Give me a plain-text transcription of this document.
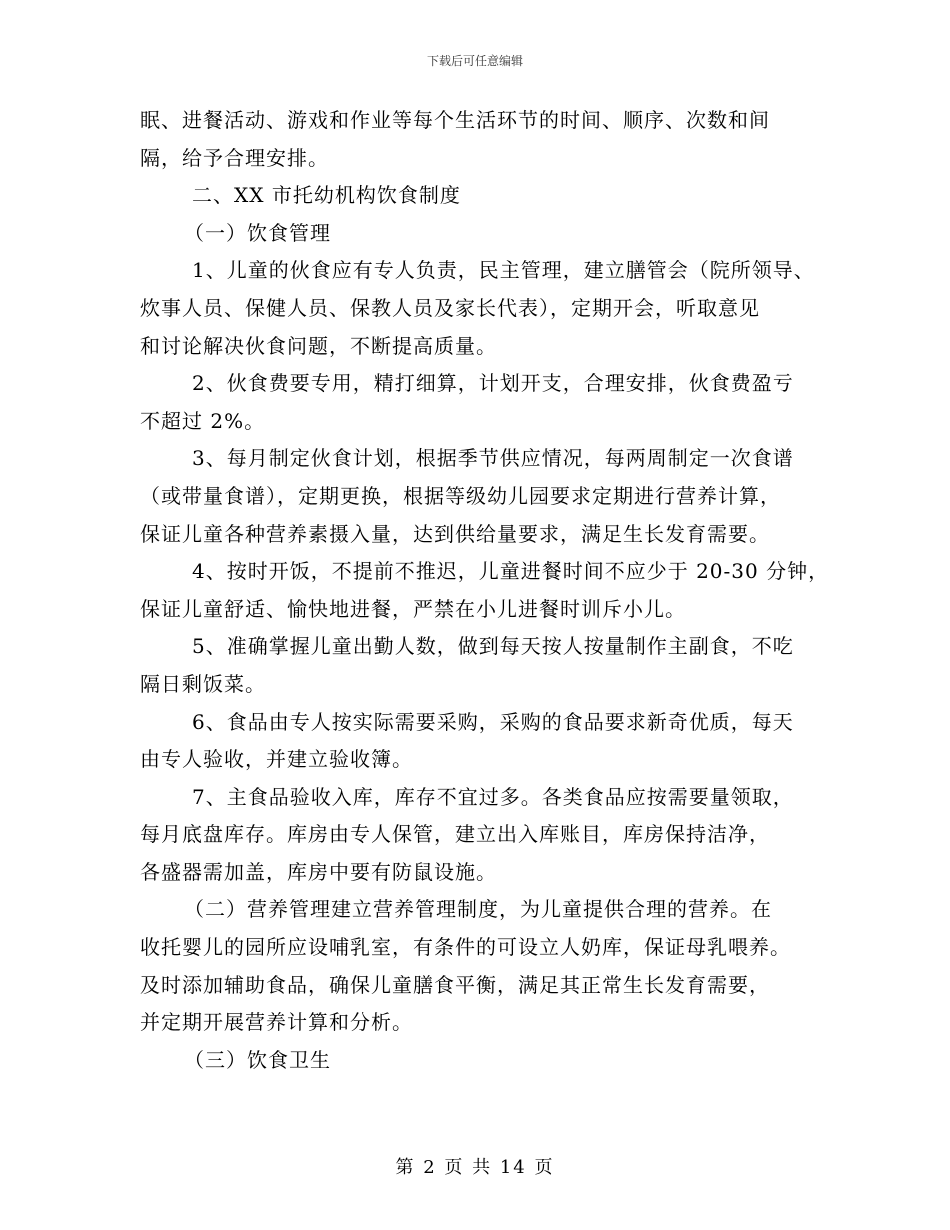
下载后可任意编辑
眠、进餐活动、游戏和作业等每个生活环节的时间、顺序、次数和间
隔，给予合理安排。
二、XX 市托幼机构饮食制度
（一）饮食管理
1、儿童的伙食应有专人负责，民主管理，建立膳管会（院所领导、
炊事人员、保健人员、保教人员及家长代表），定期开会，听取意见
和讨论解决伙食问题，不断提高质量。
2、伙食费要专用，精打细算，计划开支，合理安排，伙食费盈亏
不超过 2%。
3、每月制定伙食计划，根据季节供应情况，每两周制定一次食谱
（或带量食谱），定期更换，根据等级幼儿园要求定期进行营养计算，
保证儿童各种营养素摄入量，达到供给量要求，满足生长发育需要。
4、按时开饭，不提前不推迟，儿童进餐时间不应少于 20-30 分钟，
保证儿童舒适、愉快地进餐，严禁在小儿进餐时训斥小儿。
5、准确掌握儿童出勤人数，做到每天按人按量制作主副食，不吃
隔日剩饭菜。
6、食品由专人按实际需要采购，采购的食品要求新奇优质，每天
由专人验收，并建立验收簿。
7、主食品验收入库，库存不宜过多。各类食品应按需要量领取，
每月底盘库存。库房由专人保管，建立出入库账目，库房保持洁净，
各盛器需加盖，库房中要有防鼠设施。
（二）营养管理建立营养管理制度，为儿童提供合理的营养。在
收托婴儿的园所应设哺乳室，有条件的可设立人奶库，保证母乳喂养。
及时添加辅助食品，确保儿童膳食平衡，满足其正常生长发育需要，
并定期开展营养计算和分析。
（三）饮食卫生
第 2 页 共 14 页
